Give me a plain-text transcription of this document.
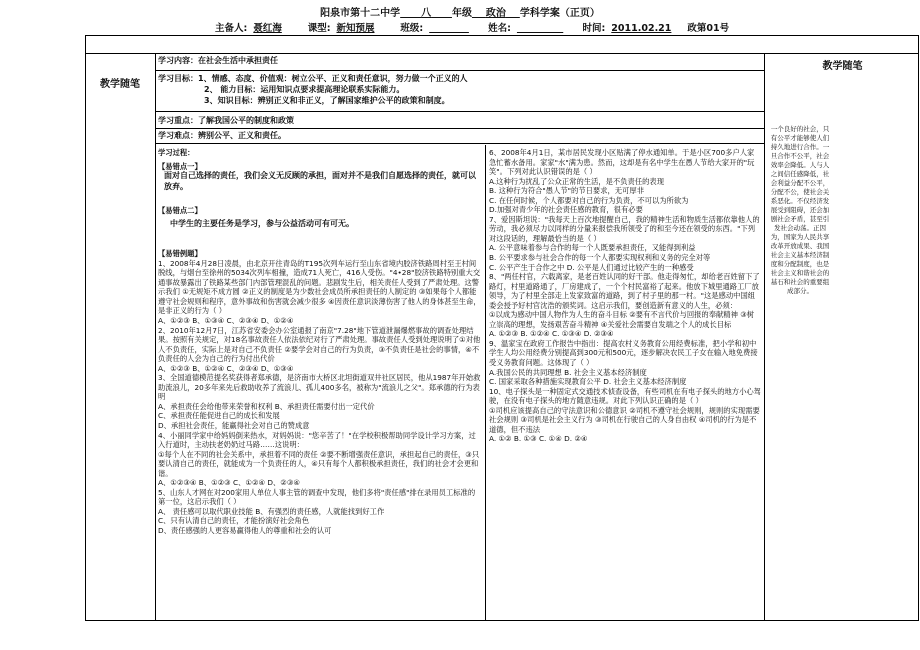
阳泉市第十二中学 八 年级 政治 学科学案（正页）
主备人: 聂红海	课型: 新知预展	班级:	姓名:	时间: 2011.02.21 政第01号
教学随笔
教学随笔
学习内容：在社会生活中承担责任
学习目标：1、情感、态度、价值观：树立公平、正义和责任意识，努力做一个正义的人
2、 能力目标：运用知识点要求提高理论联系实际能力。
3、知识目标：辨别正义和非正义，了解国家维护公平的政策和制度。
学习重点：了解我国公平的制度和政策
学习难点：辨别公平、正义和责任。

学习过程：

【易错点一】

面对自己选择的责任，我们会义无反顾的承担，面对并不是我们自愿选择的责任，就可以放弃。

【易错点二】

中学生的主要任务是学习，参与公益活动可有可无。

【易错例题】

1、2008年4月28日凌晨，由北京开往青岛的T195次列车运行至山东省境内胶济铁路周村至王村间脱线，与烟台至徐州的5034次列车相撞，造成71人死亡，416人受伤。"4•28"胶济铁路特别重大交通事故暴露出了铁路某些部门内部管理混乱的问题。悲剧发生后，相关责任人受到了严肃处理。这警示我们 ①无规矩不成方圆 ②正义的制度是为少数社会成员所承担责任的人制定的 ③如果每个人都能遵守社会规则和程序，意外事故和伤害就会减少很多 ④因责任意识淡薄伤害了他人的身体甚至生命，是非正义的行为（ ）

A、①②③ B、①③④ C、②③④ D、①②④

2、2010年12月7日，江苏省安委会办公室通报了南京"7.28"地下管道泄漏爆燃事故的调查处理结果。按照有关规定，对18名事故责任人依法依纪对行了严肃处理。事故责任人受到处理说明了①对他人不负责任，实际上是对自己不负责任 ②要学会对自己的行为负责，③不负责任是社会的事情，④不负责任的人会为自己的行为付出代价

A、①②③ B、①②④ C、②③④ D、①③④

3、全国道德模范提名奖获得者郑承德，是济南市大桥区北坦街道双井社区居民，他从1987年开始救助流浪儿，20多年来先后救助收养了流浪儿、孤儿400多名，被称为"流浪儿之父"。郑承德的行为表明

A、承担责任会给他带来荣誉和权利 B、承担责任需要付出一定代价

C、承担责任能促进自己的成长和发展

D、承担社会责任，能赢得社会对自己的赞成意

4、小丽同学家中给妈妈倒来热水，对妈妈说："您辛苦了！"在学校积极帮助同学设计学习方案，过入行道时，主动扶老奶奶过马路……这说明：

①每个人在不同的社会关系中，承担着不同的责任 ②要不断增强责任意识，承担起自己的责任，③只要认清自己的责任，就能成为一个负责任的人，④只有每个人都积极承担责任，我们的社会才会更和谐。

A、①②③④ B、①②③ C、①②④ D、②③④

5、山东人才网在对200家用人单位人事主管的调查中发现，他们多将"责任感"排在录用员工标准的第一位，这启示我们（ ）

A、 责任感可以取代职业技能 B、有强烈的责任感，人就能找到好工作

C、只有认清自己的责任，才能扮演好社会角色

D、责任感强的人更容易赢得他人的尊重和社会的认可

6、2008年4月1日，某市居民发现小区贴满了停水通知单。于是小区700多户人家急忙蓄水备用。家家"水"满为患。然而，这却是有名中学生在愚人节给大家开的"玩笑"。下列对此认识错误的是（ ）

A.这种行为扰乱了公众正常的生活，是不负责任的表现

B. 这种行为符合"愚人节"的节日要求，无可厚非

C. 在任何时候，个人都要对自己的行为负责，不可以为所欲为

D.加强对青少年的社会责任感的教育，很有必要

7、爱因斯坦说："我每天上百次地提醒自己，我的精神生活和物质生活都依靠他人的劳动，我必须尽力以同样的分量来报偿我所领受了的和至今还在领受的东西。"下列对这段话的，理解最恰当的是（ ）

A. 公平意味着参与合作的每一个人既要承担责任，又能得到利益

B. 公平要求参与社会合作的每一个人都要实现权利和义务的完全对等

C. 公平产生于合作之中 D. 公平是人们通过比较产生的一种感受

8、"两任村官，六载离家，是老百姓认同的好干部。他走得匆忙，却给老百姓留下了路灯，村里道路通了，厂房建成了，一个个村民富裕了起来。他放下城里通路工厂放领导，为了村里全部走上发家致富的道路，到了村子里的那一村。"这是感动中国组委会授予好村官沈浩的颁奖词。这启示我们，要创造新有意义的人生，必须：

①以成为感动中国人物作为人生的奋斗目标 ②要有不言代价与回报的奉献精神 ③树立崇高的理想，发扬艰苦奋斗精神 ④关爱社会需要自发端之个人的成长目标

A. ①②③ B. ①②④ C. ①③④ D. ②③④

9、温家宝在政府工作报告中指出：提高农村义务教育公用经费标准，把小学和初中学生人均公用经费分别提高到300元和500元，逐步解决农民工子女在输入地免费接受义务教育问题。这体现了（ ）

A.我国公民的共同理想 B. 社会主义基本经济制度

C. 国家采取各种措施实现教育公平 D. 社会主义基本经济制度

10、电子探头是一种固定式交通技术侦查设备，有些司机在有电子探头的地方小心驾驶，在没有电子探头的地方随意违规。对此下列认识正确的是（ ）

①司机应该提高自己的守法意识和公德意识 ②司机不遵守社会规则，规则的实现需要社会规则 ③司机是社会主义行为 ③司机在行驶自己的人身自由权 ④司机的行为是不道德，但不违法

A. ①② B. ①③ C. ①④ D. ②④

一个良好的社会，只有公平才能够使人们持久地进行合作。一旦合作不公平，社会效率会降低。人与人之间信任感降低，社会利益分配不公平，分配不公，使社会关系恶化。不仅经济发展受到阻碍，还会加剧社会矛盾，甚至引发社会动荡。正因为，国家为人民共享改革开放成果、我国社会主义基本经济制度和分配制度，也是社会主义和谐社会的基石和社会的重要组成部分。
